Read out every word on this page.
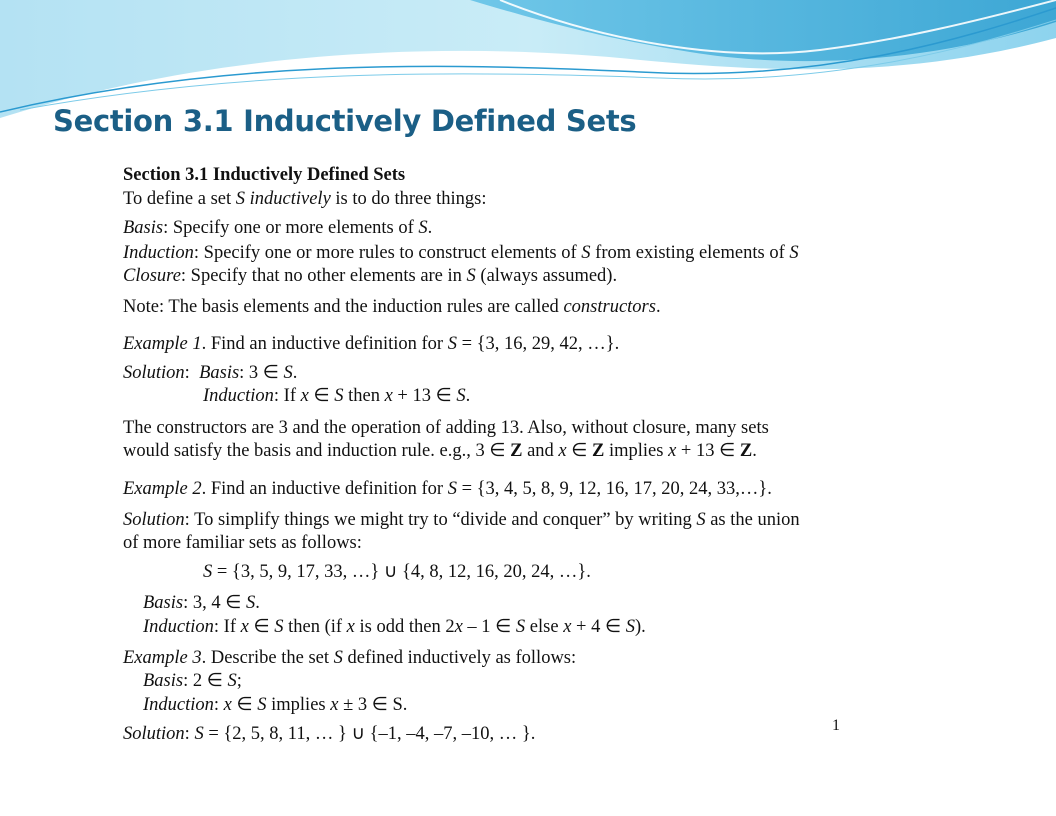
Section 3.1 Inductively Defined Sets
Section 3.1 Inductively Defined Sets
To define a set S inductively is to do three things:
Basis: Specify one or more elements of S.
Induction: Specify one or more rules to construct elements of S from existing elements of S
Closure: Specify that no other elements are in S (always assumed).
Note: The basis elements and the induction rules are called constructors.
Example 1. Find an inductive definition for S = {3, 16, 29, 42, …}.
Solution:  Basis: 3 ∈ S.
Induction: If x ∈ S then x + 13 ∈ S.
The constructors are 3 and the operation of adding 13. Also, without closure, many sets
would satisfy the basis and induction rule. e.g., 3 ∈ Z and x ∈ Z implies x + 13 ∈ Z.
Example 2. Find an inductive definition for S = {3, 4, 5, 8, 9, 12, 16, 17, 20, 24, 33,…}.
Solution: To simplify things we might try to “divide and conquer” by writing S as the union
of more familiar sets as follows:
S = {3, 5, 9, 17, 33, …} ∪ {4, 8, 12, 16, 20, 24, …}.
Basis: 3, 4 ∈ S.
Induction: If x ∈ S then (if x is odd then 2x – 1 ∈ S else x + 4 ∈ S).
Example 3. Describe the set S defined inductively as follows:
Basis: 2 ∈ S;
Induction: x ∈ S implies x ± 3 ∈ S.
Solution: S = {2, 5, 8, 11, … } ∪ {–1, –4, –7, –10, … }.	1
